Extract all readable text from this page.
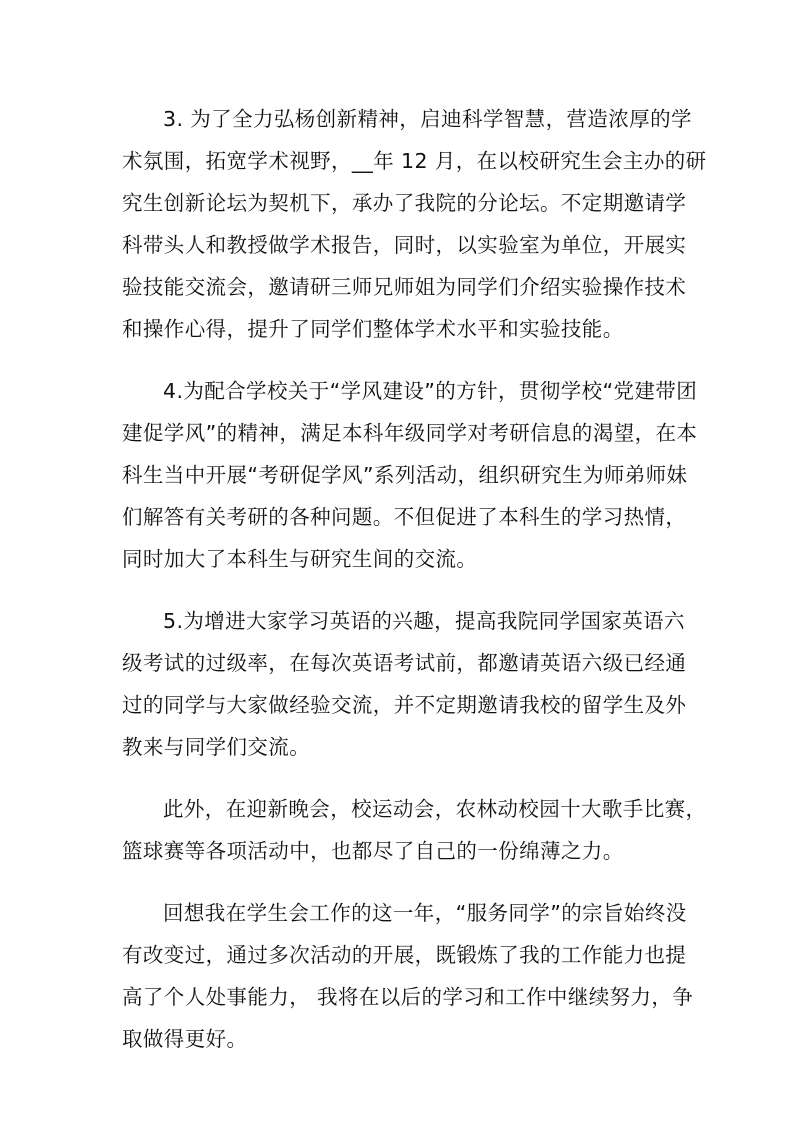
3. 为了全力弘杨创新精神，启迪科学智慧，营造浓厚的学
术氛围，拓宽学术视野，__年 12 月，在以校研究生会主办的研
究生创新论坛为契机下，承办了我院的分论坛。不定期邀请学
科带头人和教授做学术报告，同时，以实验室为单位，开展实
验技能交流会，邀请研三师兄师姐为同学们介绍实验操作技术
和操作心得，提升了同学们整体学术水平和实验技能。

4.为配合学校关于“学风建设”的方针，贯彻学校“党建带团
建促学风”的精神，满足本科年级同学对考研信息的渴望，在本
科生当中开展“考研促学风”系列活动，组织研究生为师弟师妹
们解答有关考研的各种问题。不但促进了本科生的学习热情，
同时加大了本科生与研究生间的交流。

5.为增进大家学习英语的兴趣，提高我院同学国家英语六
级考试的过级率，在每次英语考试前，都邀请英语六级已经通
过的同学与大家做经验交流，并不定期邀请我校的留学生及外
教来与同学们交流。

此外，在迎新晚会，校运动会，农林动校园十大歌手比赛，
篮球赛等各项活动中，也都尽了自己的一份绵薄之力。

回想我在学生会工作的这一年，“服务同学”的宗旨始终没
有改变过，通过多次活动的开展，既锻炼了我的工作能力也提
高了个人处事能力， 我将在以后的学习和工作中继续努力，争
取做得更好。
